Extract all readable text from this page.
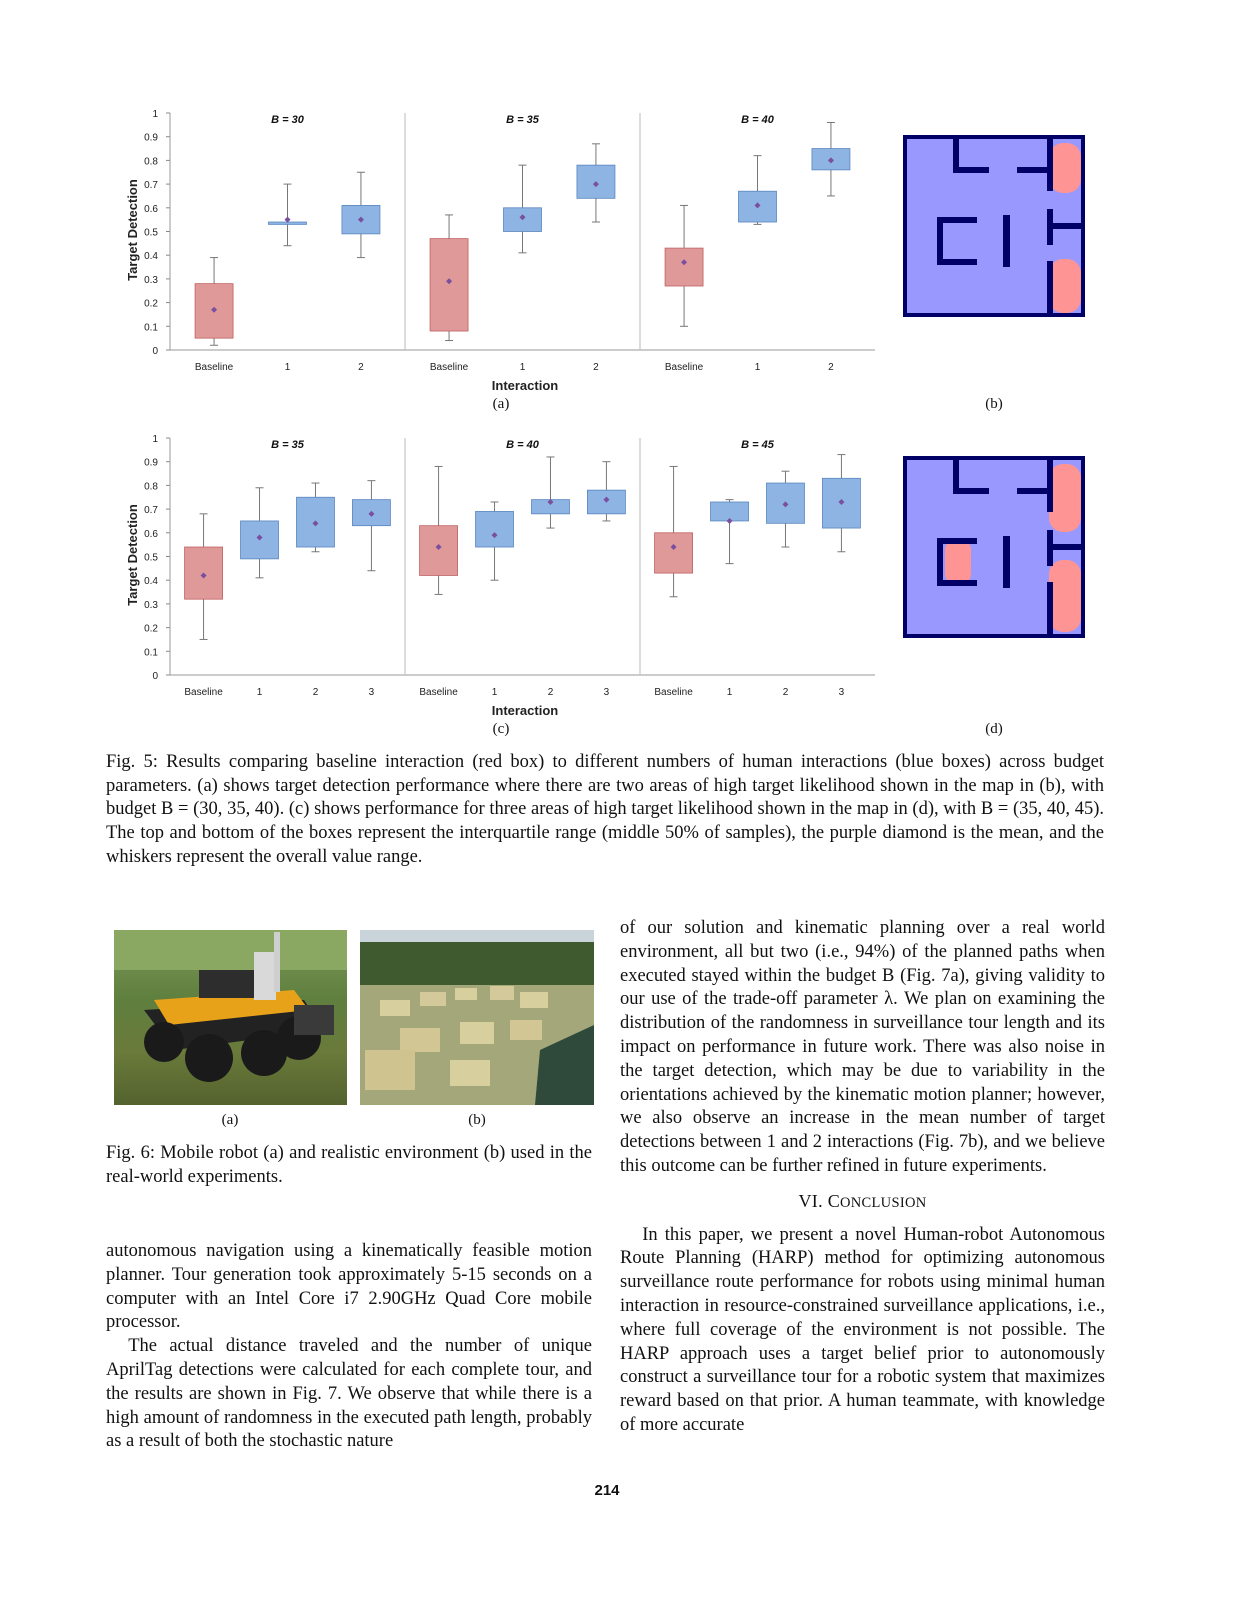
Target Detection
0
0.1
0.2
0.3
0.4
0.5
0.6
0.7
0.8
0.9
1	B = 30
Baseline	1	2
B = 35
Baseline	1	2
B = 40
Baseline	1	2
Interaction
(a)	(b)
Target Detection
0
0.1
0.2
0.3
0.4
0.5
0.6
0.7
0.8
0.9
1	B = 35
Baseline	1	2	3
B = 40
Baseline	1	2	3
B = 45
Baseline	1	2	3
Interaction
(c)	(d)
Fig. 5: Results comparing baseline interaction (red box) to different numbers of human interactions (blue boxes) across budget parameters. (a) shows target detection performance where there are two areas of high target likelihood shown in the map in (b), with budget B = (30, 35, 40). (c) shows performance for three areas of high target likelihood shown in the map in (d), with B = (35, 40, 45). The top and bottom of the boxes represent the interquartile range (middle 50% of samples), the purple diamond is the mean, and the whiskers represent the overall value range.
(a)	(b)
Fig. 6: Mobile robot (a) and realistic environment (b) used in the real-world experiments.

autonomous navigation using a kinematically feasible motion planner. Tour generation took approximately 5-15 seconds on a computer with an Intel Core i7 2.90GHz Quad Core mobile processor.

The actual distance traveled and the number of unique AprilTag detections were calculated for each complete tour, and the results are shown in Fig. 7. We observe that while there is a high amount of randomness in the executed path length, probably as a result of both the stochastic nature

of our solution and kinematic planning over a real world environment, all but two (i.e., 94%) of the planned paths when executed stayed within the budget B (Fig. 7a), giving validity to our use of the trade-off parameter λ. We plan on examining the distribution of the randomness in surveillance tour length and its impact on performance in future work. There was also noise in the target detection, which may be due to variability in the orientations achieved by the kinematic motion planner; however, we also observe an increase in the mean number of target detections between 1 and 2 interactions (Fig. 7b), and we believe this outcome can be further refined in future experiments.

VI. CONCLUSION

In this paper, we present a novel Human-robot Autonomous Route Planning (HARP) method for optimizing autonomous surveillance route performance for robots using minimal human interaction in resource-constrained surveillance applications, i.e., where full coverage of the environment is not possible. The HARP approach uses a target belief prior to autonomously construct a surveillance tour for a robotic system that maximizes reward based on that prior. A human teammate, with knowledge of more accurate

214
